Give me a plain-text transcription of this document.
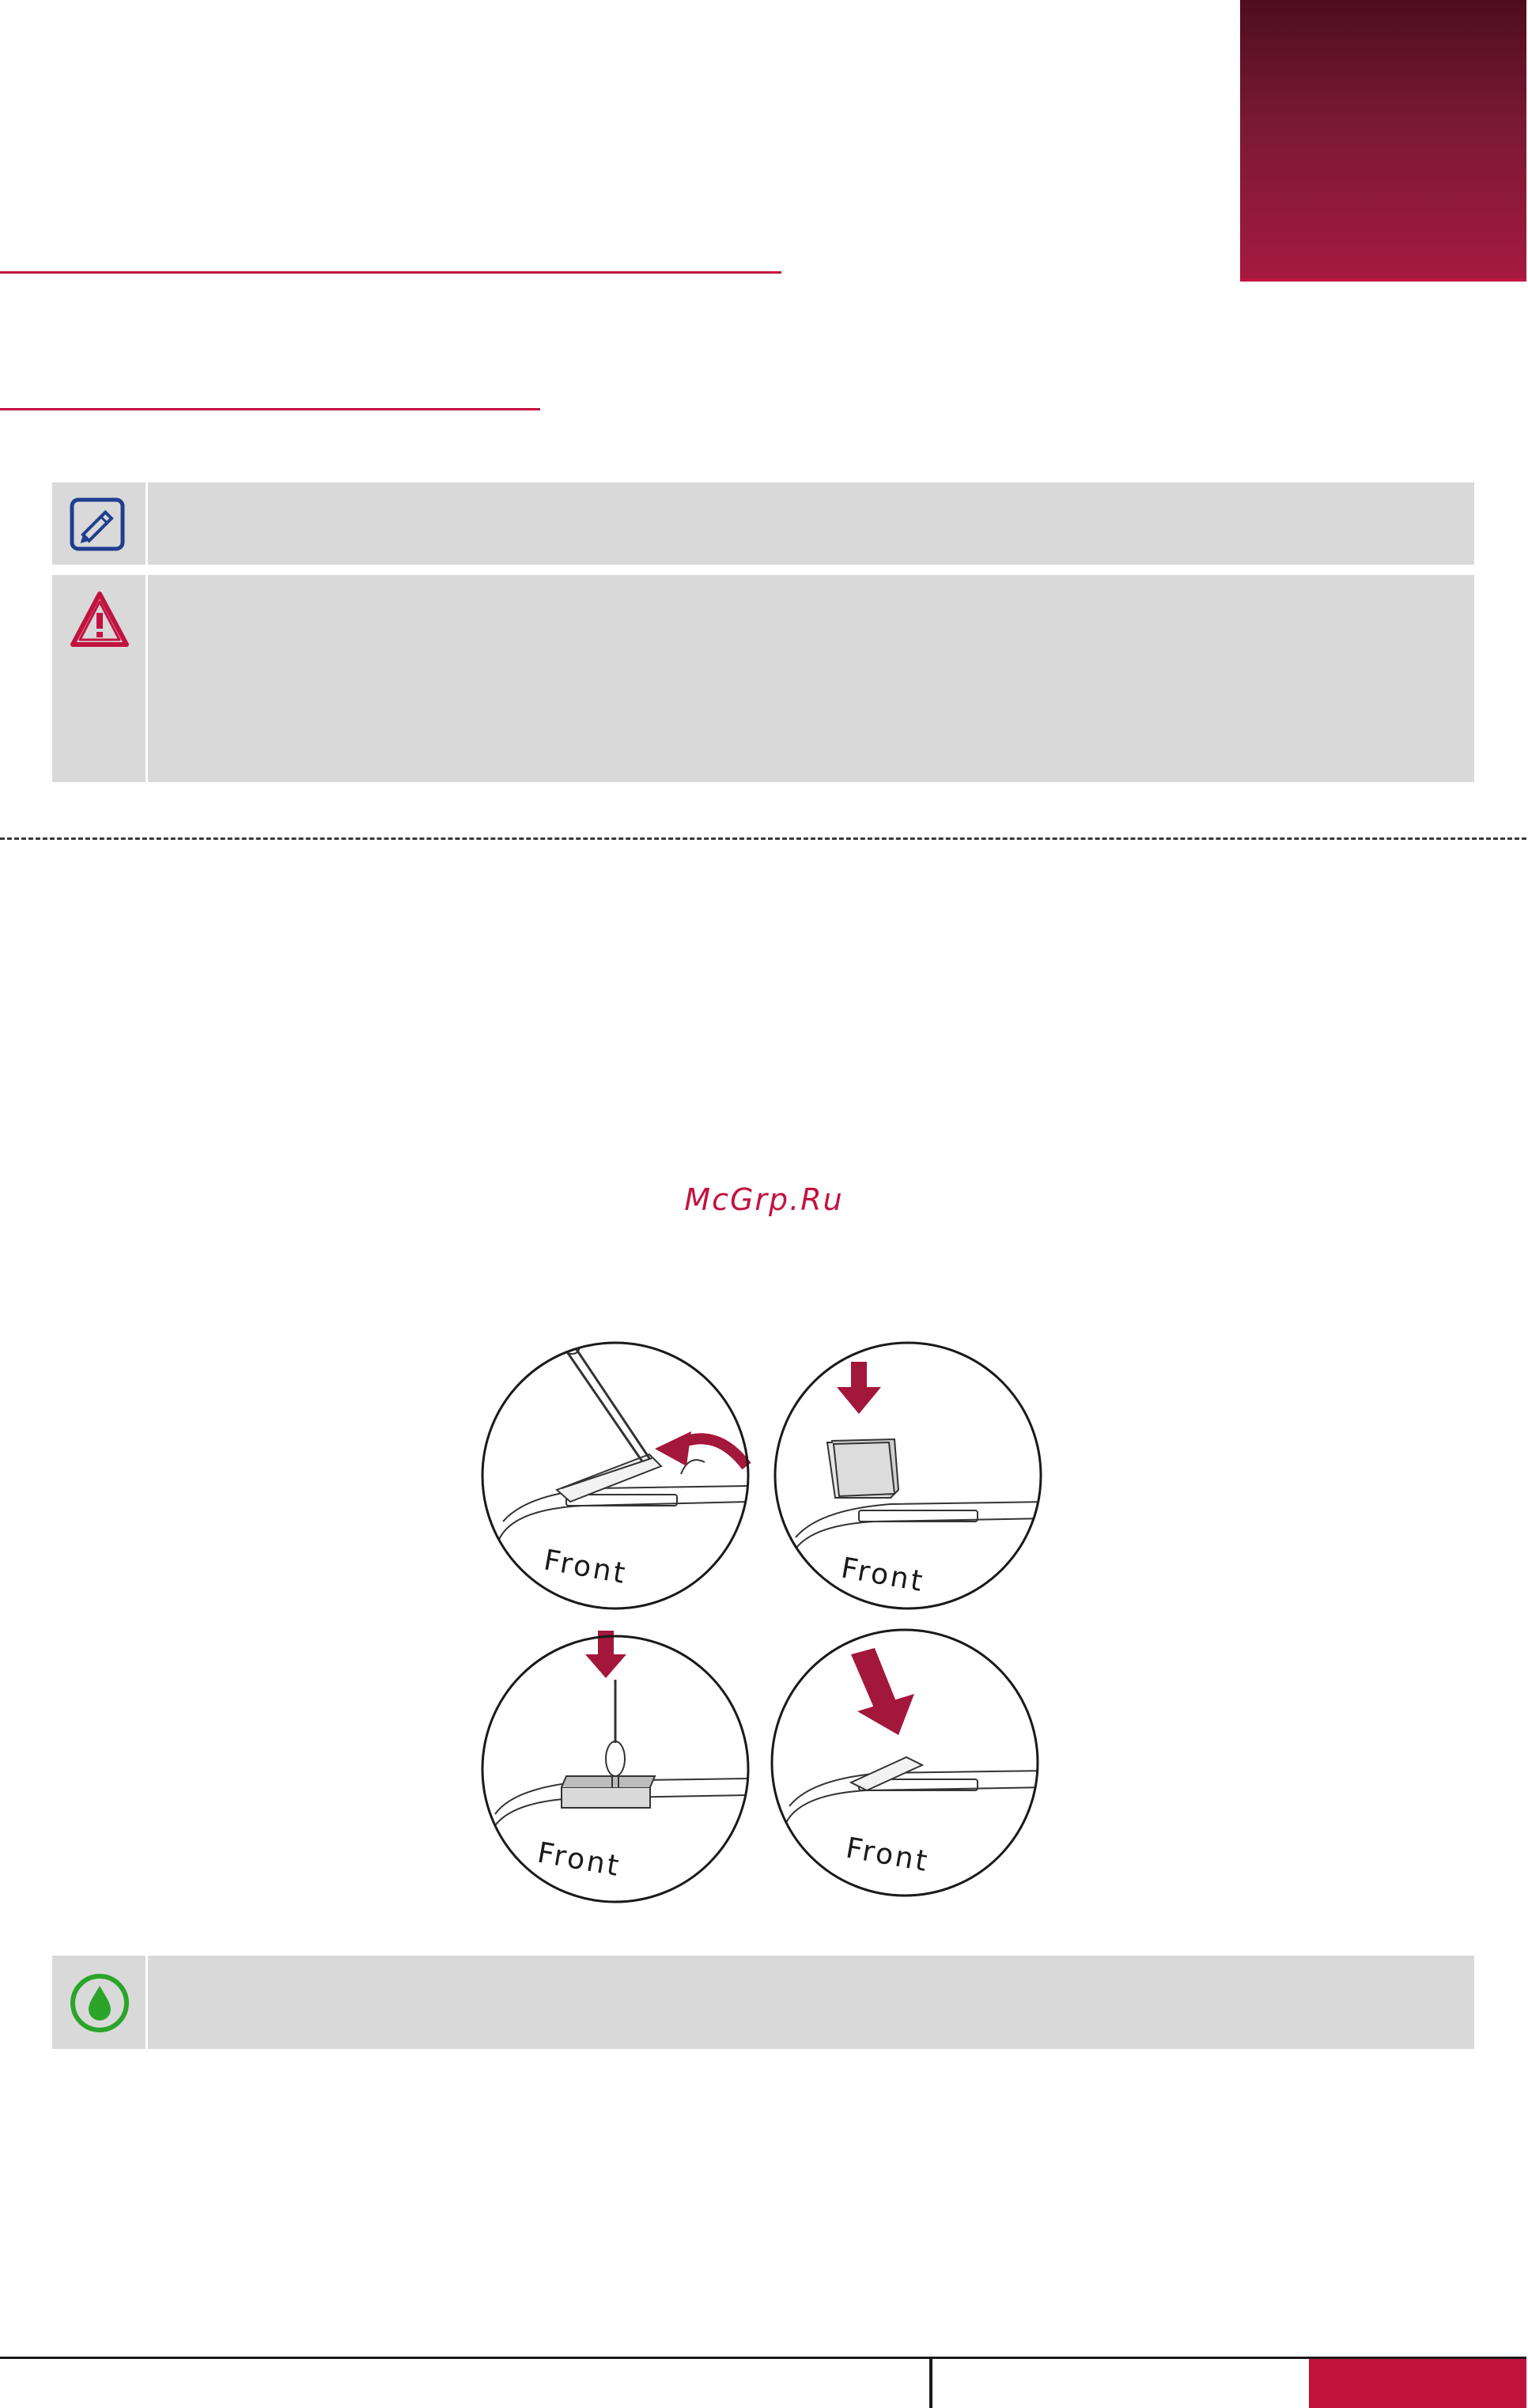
McGrp.Ru
Front	Front
Front	Front
